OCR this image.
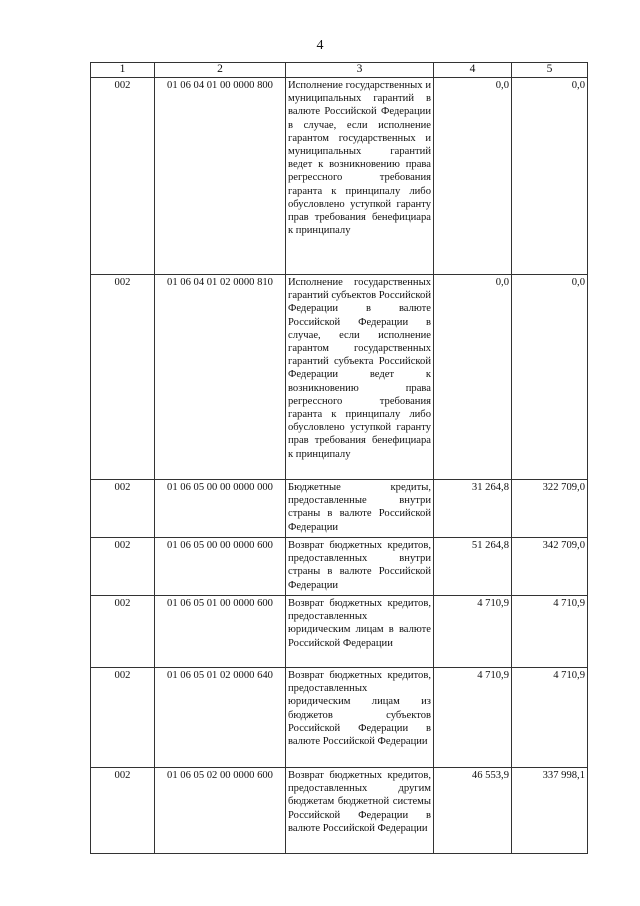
4
1	2	3	4	5
002	01 06 04 01 00 0000 800	Исполнение государственных и муниципальных гарантий в валюте Российской Федерации в случае, если исполнение гарантом государственных и муниципальных гарантий ведет к возникновению права регрессного требования гаранта к принципалу либо обусловлено уступкой гаранту прав требования бенефициара к принципалу	0,0	0,0
002	01 06 04 01 02 0000 810	Исполнение государственных гарантий субъектов Российской Федерации в валюте Российской Федерации в случае, если исполнение гарантом государственных гарантий субъекта Российской Федерации ведет к возникновению права регрессного требования гаранта к принципалу либо обусловлено уступкой гаранту прав требования бенефициара к принципалу	0,0	0,0
002	01 06 05 00 00 0000 000	Бюджетные кредиты, предоставленные внутри страны в валюте Российской Федерации	31 264,8	322 709,0
002	01 06 05 00 00 0000 600	Возврат бюджетных кредитов, предоставленных внутри страны в валюте Российской Федерации	51 264,8	342 709,0
002	01 06 05 01 00 0000 600	Возврат бюджетных кредитов, предоставленных юридическим лицам в валюте Российской Федерации	4 710,9	4 710,9
002	01 06 05 01 02 0000 640	Возврат бюджетных кредитов, предоставленных юридическим лицам из бюджетов субъектов Российской Федерации в валюте Российской Федерации	4 710,9	4 710,9
002	01 06 05 02 00 0000 600	Возврат бюджетных кредитов, предоставленных другим бюджетам бюджетной системы Российской Федерации в валюте Российской Федерации	46 553,9	337 998,1
